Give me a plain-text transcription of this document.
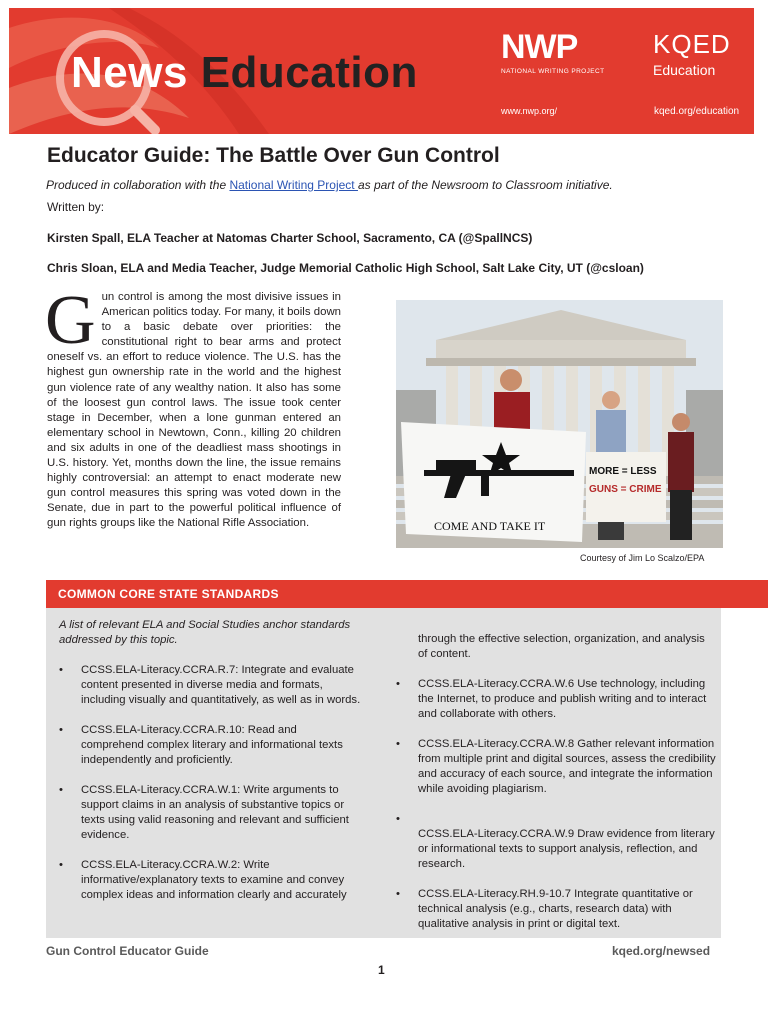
News Education
NWP
NATIONAL WRITING PROJECT
KQED
Education
www.nwp.org/	kqed.org/education
Educator Guide: The Battle Over Gun Control
Produced in collaboration with the National Writing Project as part of the Newsroom to Classroom initiative.
Written by:
Kirsten Spall, ELA Teacher at Natomas Charter School, Sacramento, CA (@SpallNCS)
Chris Sloan, ELA and Media Teacher, Judge Memorial Catholic High School, Salt Lake City, UT (@csloan)
Gun control is among the most divisive issues in American politics today. For many, it boils down to a basic debate over priorities: the constitutional right to bear arms and protect oneself vs. an effort to reduce violence. The U.S. has the highest gun ownership rate in the world and the highest gun violence rate of any wealthy nation. It also has some of the loosest gun control laws. The issue took center stage in December, when a lone gunman entered an elementary school in Newtown, Conn., killing 20 children and six adults in one of the deadliest mass shootings in U.S. history. Yet, months down the line, the issue remains highly controversial: an attempt to enact moderate new gun control measures this spring was voted down in the Senate, due in part to the powerful political influence of gun rights groups like the National Rifle Association.	COME AND TAKE IT
MORE = LESS
GUNS = CRIME
Courtesy of Jim Lo Scalzo/EPA
COMMON CORE STATE STANDARDS
A list of relevant ELA and Social Studies anchor standards addressed by this topic.
• CCSS.ELA-Literacy.CCRA.R.7: Integrate and evaluate content presented in diverse media and formats, including visually and quantitatively, as well as in words.
• CCSS.ELA-Literacy.CCRA.R.10: Read and comprehend complex literary and informational texts independently and proficiently.
• CCSS.ELA-Literacy.CCRA.W.1: Write arguments to support claims in an analysis of substantive topics or texts using valid reasoning and relevant and sufficient evidence.
• CCSS.ELA-Literacy.CCRA.W.2: Write informative/explanatory texts to examine and convey complex ideas and information clearly and accurately
through the effective selection, organization, and analysis of content.
• CCSS.ELA-Literacy.CCRA.W.6 Use technology, including the Internet, to produce and publish writing and to interact and collaborate with others.
• CCSS.ELA-Literacy.CCRA.W.8 Gather relevant information from multiple print and digital sources, assess the credibility and accuracy of each source, and integrate the information while avoiding plagiarism.
•
CCSS.ELA-Literacy.CCRA.W.9 Draw evidence from literary or informational texts to support analysis, reflection, and research.
• CCSS.ELA-Literacy.RH.9-10.7 Integrate quantitative or technical analysis (e.g., charts, research data) with qualitative analysis in print or digital text.
Gun Control Educator Guide	kqed.org/newsed
1
